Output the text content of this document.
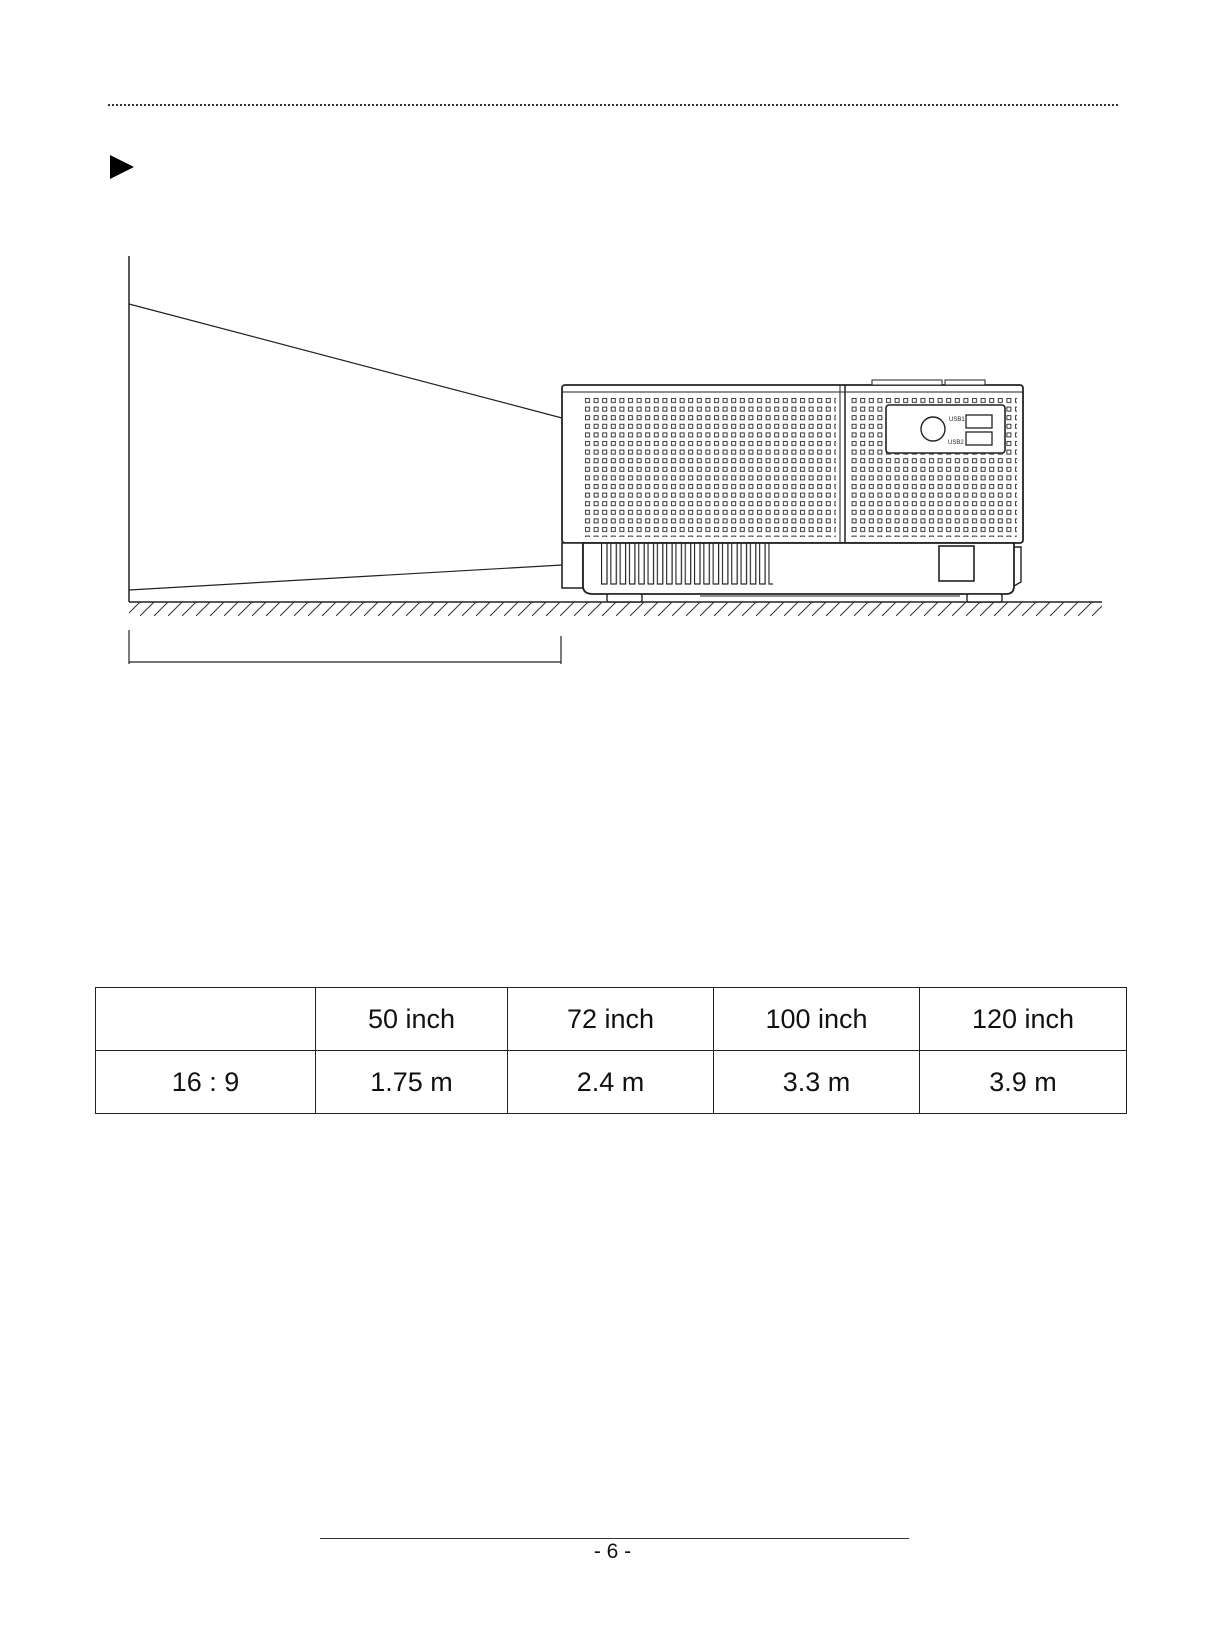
USB1
USB2
	50 inch	72 inch	100 inch	120 inch
16 : 9	1.75 m	2.4 m	3.3 m	3.9 m
- 6 -
